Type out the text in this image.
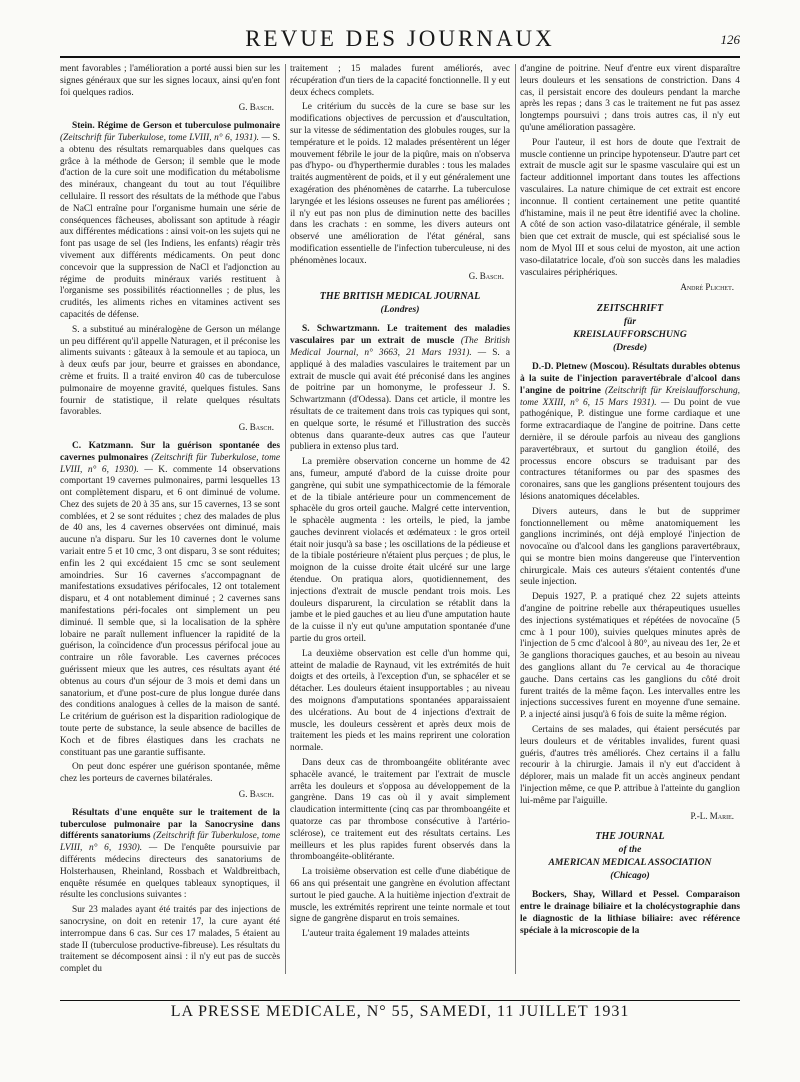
REVUE DES JOURNAUX	126

ment favorables ; l'amélioration a porté aussi bien sur les signes généraux que sur les signes locaux, ainsi qu'en font foi quelques radios.

G. Basch.

Stein. Régime de Gerson et tuberculose pulmonaire (Zeitschrift für Tuberkulose, tome LVIII, n° 6, 1931). — S. a obtenu des résultats remarquables dans quelques cas grâce à la méthode de Gerson; il semble que le mode d'action de la cure soit une modification du métabolisme des minéraux, changeant du tout au tout l'équilibre cellulaire. Il ressort des résultats de la méthode que l'abus de NaCl entraîne pour l'organisme humain une série de conséquences fâcheuses, abolissant son aptitude à réagir aux différentes médications : ainsi voit-on les sujets qui ne font pas usage de sel (les Indiens, les enfants) réagir très vivement aux différents médicaments. On peut donc concevoir que la suppression de NaCl et l'adjonction au régime de produits minéraux variés restituent à l'organisme ses possibilités réactionnelles ; de plus, les crudités, les aliments riches en vitamines activent ses capacités de défense.

S. a substitué au minéralogène de Gerson un mélange un peu différent qu'il appelle Naturagen, et il préconise les aliments suivants : gâteaux à la semoule et au tapioca, un à deux œufs par jour, beurre et graisses en abondance, crème et fruits. Il a traité environ 40 cas de tuberculose pulmonaire de moyenne gravité, quelques fistules. Sans fournir de statistique, il relate quelques résultats favorables.

G. Basch.

C. Katzmann. Sur la guérison spontanée des cavernes pulmonaires (Zeitschrift für Tuberkulose, tome LVIII, n° 6, 1930). — K. commente 14 observations comportant 19 cavernes pulmonaires, parmi lesquelles 13 ont complètement disparu, et 6 ont diminué de volume. Chez des sujets de 20 à 35 ans, sur 15 cavernes, 13 se sont comblées, et 2 se sont réduites ; chez des malades de plus de 40 ans, les 4 cavernes observées ont diminué, mais aucune n'a disparu. Sur les 10 cavernes dont le volume variait entre 5 et 10 cmc, 3 ont disparu, 3 se sont réduites; enfin les 2 qui excédaient 15 cmc se sont seulement amoindries. Sur 16 cavernes s'accompagnant de manifestations exsudatives périfocales, 12 ont totalement disparu, et 4 ont notablement diminué ; 2 cavernes sans manifestations péri-focales ont simplement un peu diminué. Il semble que, si la localisation de la sphère lobaire ne paraît nullement influencer la rapidité de la guérison, la coïncidence d'un processus périfocal joue au contraire un rôle favorable. Les cavernes précoces guérissent mieux que les autres, ces résultats ayant été obtenus au cours d'un séjour de 3 mois et demi dans un sanatorium, et d'une post-cure de plus longue durée dans des conditions analogues à celles de la maison de santé. Le critérium de guérison est la disparition radiologique de toute perte de substance, la seule absence de bacilles de Koch et de fibres élastiques dans les crachats ne constituant pas une garantie suffisante.

On peut donc espérer une guérison spontanée, même chez les porteurs de cavernes bilatérales.

G. Basch.

Résultats d'une enquête sur le traitement de la tuberculose pulmonaire par la Sanocrysine dans différents sanatoriums (Zeitschrift für Tuberkulose, tome LVIII, n° 6, 1930). — De l'enquête poursuivie par différents médecins directeurs des sanatoriums de Holsterhausen, Rheinland, Rossbach et Waldbreitbach, enquête résumée en quelques tableaux synoptiques, il résulte les conclusions suivantes :

Sur 23 malades ayant été traités par des injections de sanocrysine, on doit en retenir 17, la cure ayant été interrompue dans 6 cas. Sur ces 17 malades, 5 étaient au stade II (tuberculose productive-fibreuse). Les résultats du traitement se décomposent ainsi : il n'y eut pas de succès complet du

traitement ; 15 malades furent améliorés, avec récupération d'un tiers de la capacité fonctionnelle. Il y eut deux échecs complets.

Le critérium du succès de la cure se base sur les modifications objectives de percussion et d'auscultation, sur la vitesse de sédimentation des globules rouges, sur la température et le poids. 12 malades présentèrent un léger mouvement fébrile le jour de la piqûre, mais on n'observa pas d'hypo- ou d'hyperthermie durables : tous les malades traités augmentèrent de poids, et il y eut généralement une exagération des phénomènes de catarrhe. La tuberculose laryngée et les lésions osseuses ne furent pas améliorées ; il n'y eut pas non plus de diminution nette des bacilles dans les crachats : en somme, les divers auteurs ont observé une amélioration de l'état général, sans modification essentielle de l'infection tuberculeuse, ni des phénomènes locaux.

G. Basch.

THE BRITISH MEDICAL JOURNAL

(Londres)

S. Schwartzmann. Le traitement des maladies vasculaires par un extrait de muscle (The British Medical Journal, n° 3663, 21 Mars 1931). — S. a appliqué à des maladies vasculaires le traitement par un extrait de muscle qui avait été préconisé dans les angines de poitrine par un homonyme, le professeur J. S. Schwartzmann (d'Odessa). Dans cet article, il montre les résultats de ce traitement dans trois cas typiques qui sont, en quelque sorte, le résumé et l'illustration des succès obtenus dans quarante-deux autres cas que l'auteur publiera in extenso plus tard.

La première observation concerne un homme de 42 ans, fumeur, amputé d'abord de la cuisse droite pour gangrène, qui subit une sympathicectomie de la fémorale et de la tibiale antérieure pour un commencement de sphacèle du gros orteil gauche. Malgré cette intervention, le sphacèle augmenta : les orteils, le pied, la jambe gauches devinrent violacés et œdémateux : le gros orteil était noir jusqu'à sa base ; les oscillations de la pédieuse et de la tibiale postérieure n'étaient plus perçues ; de plus, le moignon de la cuisse droite était ulcéré sur une large étendue. On pratiqua alors, quotidiennement, des injections d'extrait de muscle pendant trois mois. Les douleurs disparurent, la circulation se rétablit dans la jambe et le pied gauches et au lieu d'une amputation haute de la cuisse il n'y eut qu'une amputation spontanée d'une partie du gros orteil.

La deuxième observation est celle d'un homme qui, atteint de maladie de Raynaud, vit les extrémités de huit doigts et des orteils, à l'exception d'un, se sphacéler et se détacher. Les douleurs étaient insupportables ; au niveau des moignons d'amputations spontanées apparaissaient des ulcérations. Au bout de 4 injections d'extrait de muscle, les douleurs cessèrent et après deux mois de traitement les pieds et les mains reprirent une coloration normale.

Dans deux cas de thromboangéite oblitérante avec sphacèle avancé, le traitement par l'extrait de muscle arrêta les douleurs et s'opposa au développement de la gangrène. Dans 19 cas où il y avait simplement claudication intermittente (cinq cas par thromboangéite et quatorze cas par thrombose consécutive à l'artério-sclérose), ce traitement eut des résultats certains. Les meilleurs et les plus rapides furent observés dans la thromboangéite-oblitérante.

La troisième observation est celle d'une diabétique de 66 ans qui présentait une gangrène en évolution affectant surtout le pied gauche. A la huitième injection d'extrait de muscle, les extrémités reprirent une teinte normale et tout signe de gangrène disparut en trois semaines.

L'auteur traita également 19 malades atteints

d'angine de poitrine. Neuf d'entre eux virent disparaître leurs douleurs et les sensations de constriction. Dans 4 cas, il persistait encore des douleurs pendant la marche après les repas ; dans 3 cas le traitement ne fut pas assez longtemps poursuivi ; dans trois autres cas, il n'y eut qu'une amélioration passagère.

Pour l'auteur, il est hors de doute que l'extrait de muscle contienne un principe hypotenseur. D'autre part cet extrait de muscle agit sur le spasme vasculaire qui est un facteur additionnel important dans toutes les affections vasculaires. La nature chimique de cet extrait est encore inconnue. Il contient certainement une petite quantité d'histamine, mais il ne peut être identifié avec la choline. A côté de son action vaso-dilatatrice générale, il semble bien que cet extrait de muscle, qui est spécialisé sous le nom de Myol III et sous celui de myoston, ait une action vaso-dilatatrice locale, d'où son succès dans les maladies vasculaires périphériques.

André Plichet.

ZEITSCHRIFT

für

KREISLAUFFORSCHUNG

(Dresde)

D.-D. Pletnew (Moscou). Résultats durables obtenus à la suite de l'injection paravertébrale d'alcool dans l'angine de poitrine (Zeitschrift für Kreislaufforschung, tome XXIII, n° 6, 15 Mars 1931). — Du point de vue pathogénique, P. distingue une forme cardiaque et une forme extracardiaque de l'angine de poitrine. Dans cette dernière, il se déroule parfois au niveau des ganglions paravertébraux, et surtout du ganglion étoilé, des processus encore obscurs se traduisant par des contractures tétaniformes ou par des spasmes des coronaires, sans que les ganglions présentent toujours des lésions anatomiques décelables.

Divers auteurs, dans le but de supprimer fonctionnellement ou même anatomiquement les ganglions incriminés, ont déjà employé l'injection de novocaïne ou d'alcool dans les ganglions paravertébraux, qui se montre bien moins dangereuse que l'intervention chirurgicale. Mais ces auteurs s'étaient contentés d'une seule injection.

Depuis 1927, P. a pratiqué chez 22 sujets atteints d'angine de poitrine rebelle aux thérapeutiques usuelles des injections systématiques et répétées de novocaïne (5 cmc à 1 pour 100), suivies quelques minutes après de l'injection de 5 cmc d'alcool à 80°, au niveau des 1er, 2e et 3e ganglions thoraciques gauches, et au besoin au niveau des ganglions allant du 7e cervical au 4e thoracique gauche. Dans certains cas les ganglions du côté droit furent traités de la même façon. Les intervalles entre les injections successives furent en moyenne d'une semaine. P. a injecté ainsi jusqu'à 6 fois de suite la même région.

Certains de ses malades, qui étaient persécutés par leurs douleurs et de véritables invalides, furent quasi guéris, d'autres très améliorés. Chez certains il a fallu recourir à la chirurgie. Jamais il n'y eut d'accident à déplorer, mais un malade fit un accès angineux pendant l'injection même, ce que P. attribue à l'atteinte du ganglion lui-même par l'aiguille.

P.-L. Marie.

THE JOURNAL

of the

AMERICAN MEDICAL ASSOCIATION

(Chicago)

Bockers, Shay, Willard et Pessel. Comparaison entre le drainage biliaire et la cholécystographie dans le diagnostic de la lithiase biliaire: avec référence spéciale à la microscopie de la

LA PRESSE MEDICALE, N° 55, SAMEDI, 11 JUILLET 1931
